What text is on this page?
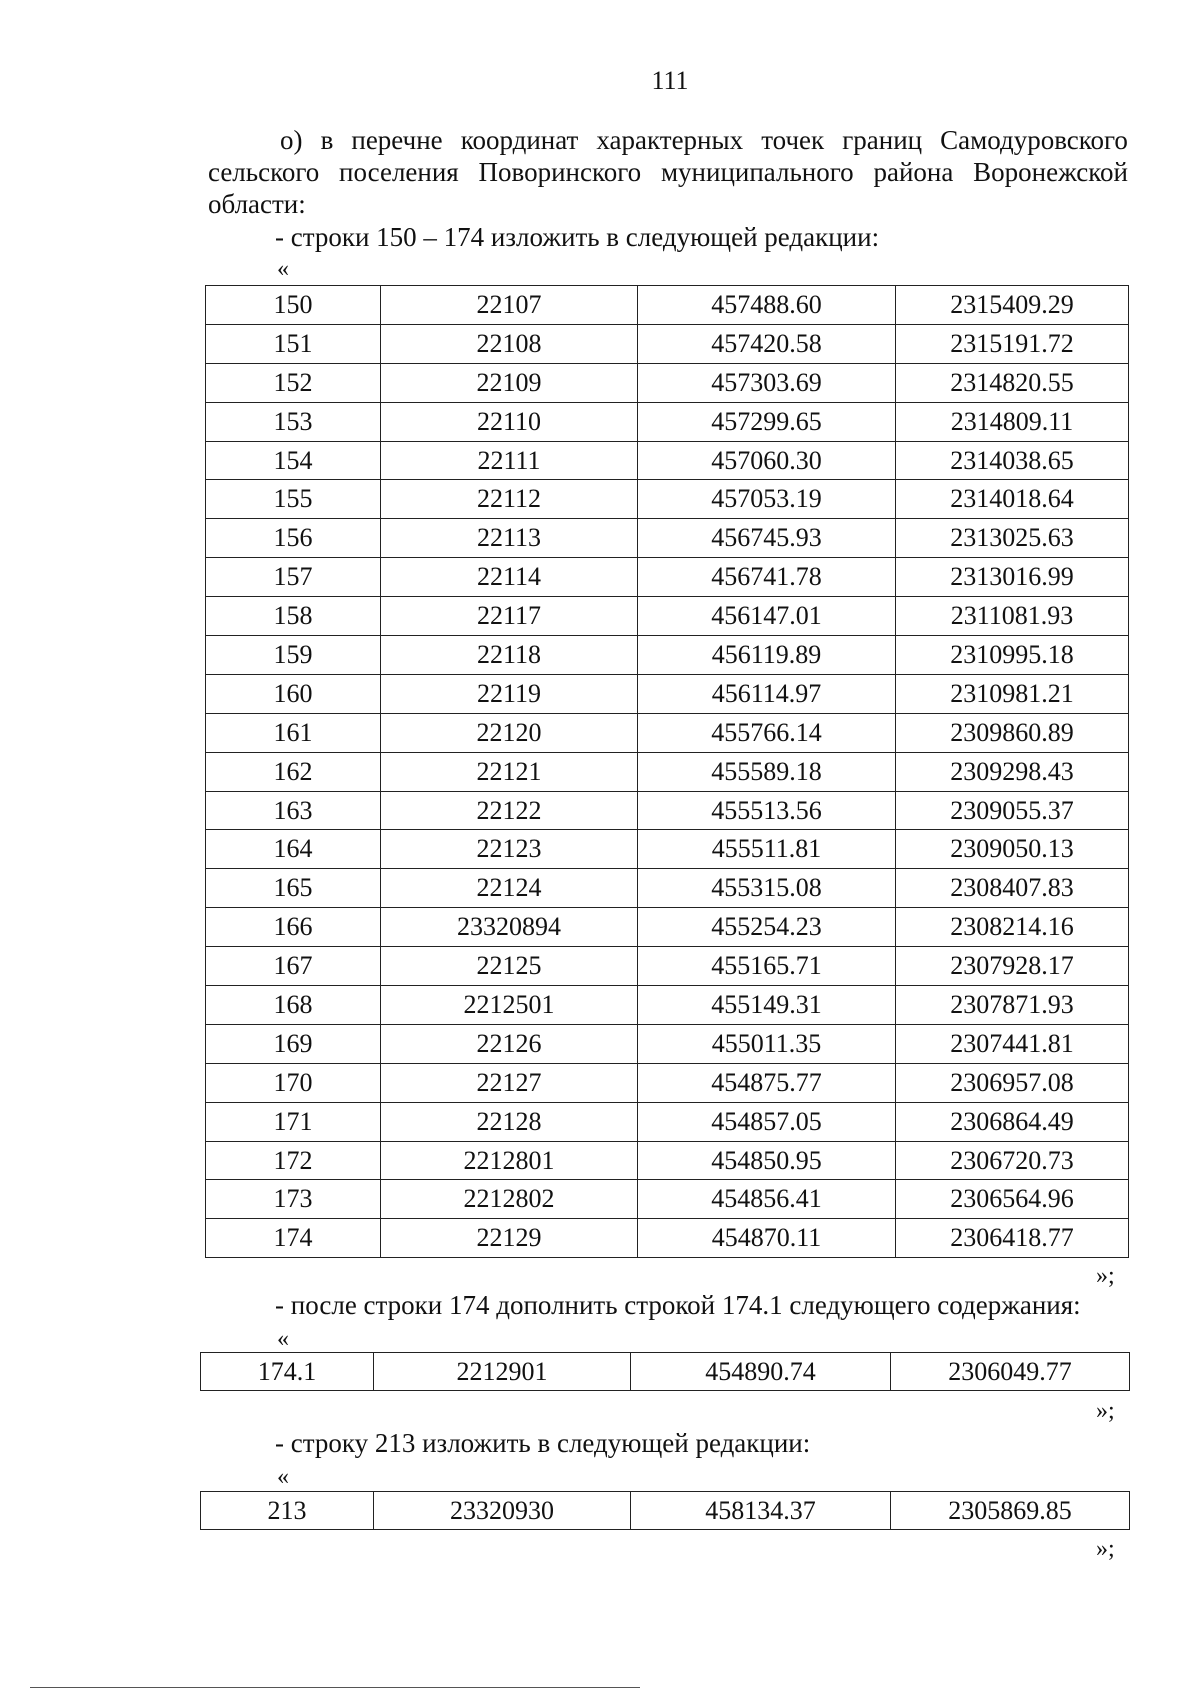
111
о) в перечне координат характерных точек границ Самодуровского
сельского поселения Поворинского муниципального района Воронежской
области:
- строки 150 – 174 изложить в следующей редакции:
«
150	22107	457488.60	2315409.29
151	22108	457420.58	2315191.72
152	22109	457303.69	2314820.55
153	22110	457299.65	2314809.11
154	22111	457060.30	2314038.65
155	22112	457053.19	2314018.64
156	22113	456745.93	2313025.63
157	22114	456741.78	2313016.99
158	22117	456147.01	2311081.93
159	22118	456119.89	2310995.18
160	22119	456114.97	2310981.21
161	22120	455766.14	2309860.89
162	22121	455589.18	2309298.43
163	22122	455513.56	2309055.37
164	22123	455511.81	2309050.13
165	22124	455315.08	2308407.83
166	23320894	455254.23	2308214.16
167	22125	455165.71	2307928.17
168	2212501	455149.31	2307871.93
169	22126	455011.35	2307441.81
170	22127	454875.77	2306957.08
171	22128	454857.05	2306864.49
172	2212801	454850.95	2306720.73
173	2212802	454856.41	2306564.96
174	22129	454870.11	2306418.77
»;
- после строки 174 дополнить строкой 174.1 следующего содержания:
«
174.1	2212901	454890.74	2306049.77
»;
- строку 213 изложить в следующей редакции:
«
213	23320930	458134.37	2305869.85
»;
